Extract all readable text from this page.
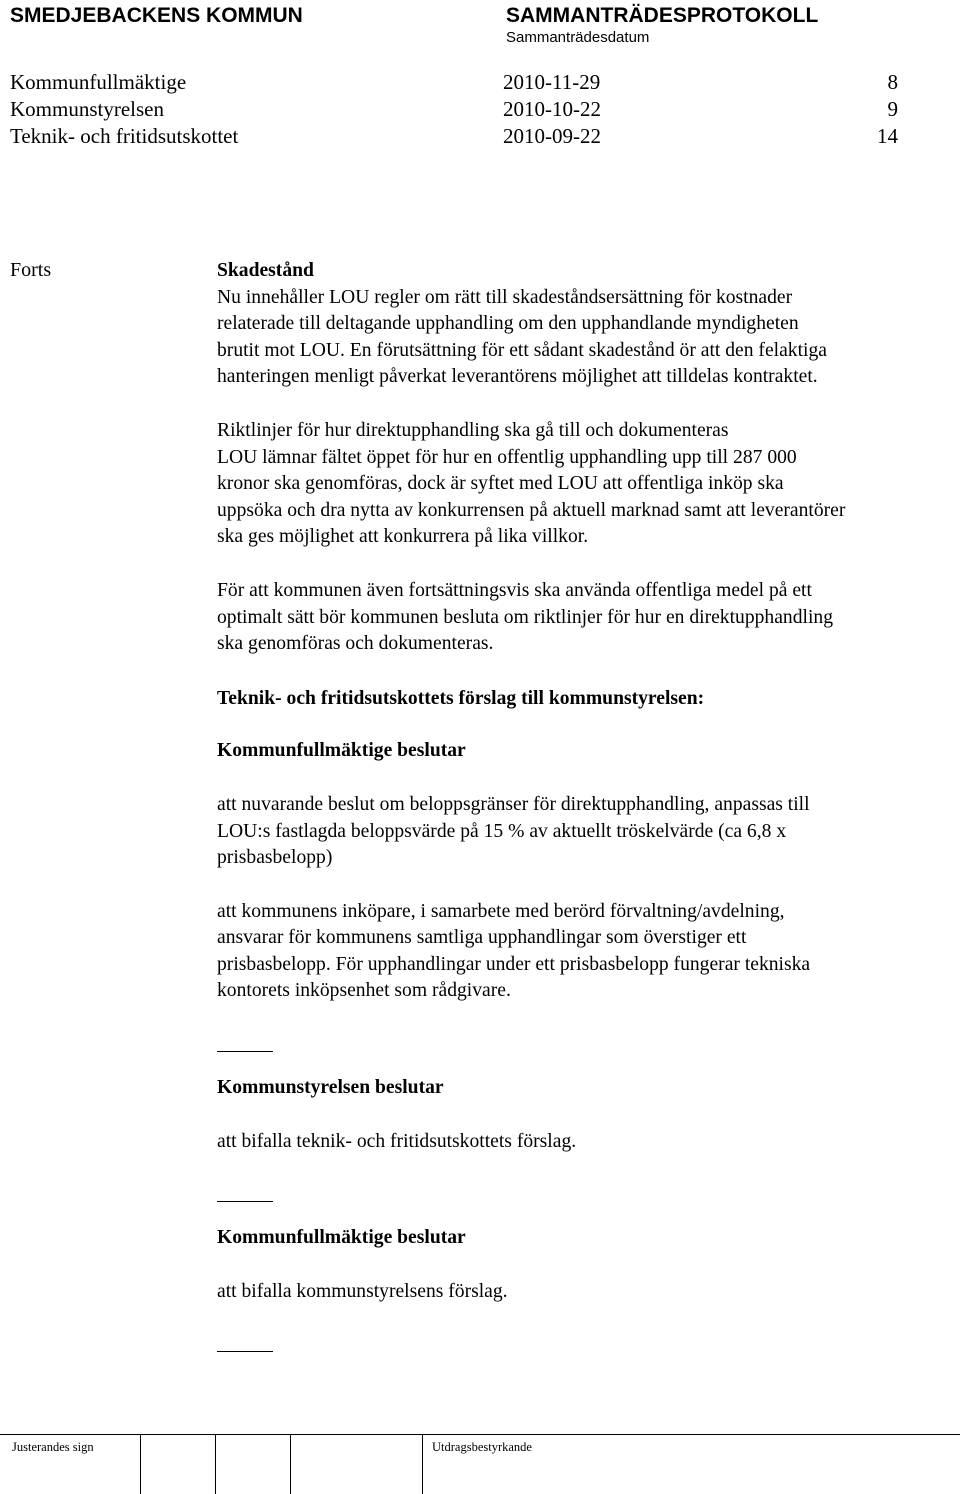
SMEDJEBACKENS KOMMUN	SAMMANTRÄDESPROTOKOLL
Sammanträdesdatum
Kommunfullmäktige	2010-11-29	8
Kommunstyrelsen	2010-10-22	9
Teknik- och fritidsutskottet	2010-09-22	14
Forts	Skadestånd

Nu innehåller LOU regler om rätt till skadeståndsersättning för kostnader

relaterade till deltagande upphandling om den upphandlande myndigheten

brutit mot LOU. En förutsättning för ett sådant skadestånd ör att den felaktiga

hanteringen menligt påverkat leverantörens möjlighet att tilldelas kontraktet.

Riktlinjer för hur direktupphandling ska gå till och dokumenteras

LOU lämnar fältet öppet för hur en offentlig upphandling upp till 287 000

kronor ska genomföras, dock är syftet med LOU att offentliga inköp ska

uppsöka och dra nytta av konkurrensen på aktuell marknad samt att leverantörer

ska ges möjlighet att konkurrera på lika villkor.

För att kommunen även fortsättningsvis ska använda offentliga medel på ett

optimalt sätt bör kommunen besluta om riktlinjer för hur en direktupphandling

ska genomföras och dokumenteras.

Teknik- och fritidsutskottets förslag till kommunstyrelsen:

Kommunfullmäktige beslutar

att nuvarande beslut om beloppsgränser för direktupphandling, anpassas till

LOU:s fastlagda beloppsvärde på 15 % av aktuellt tröskelvärde (ca 6,8 x

prisbasbelopp)

att kommunens inköpare, i samarbete med berörd förvaltning/avdelning,

ansvarar för kommunens samtliga upphandlingar som överstiger ett

prisbasbelopp. För upphandlingar under ett prisbasbelopp fungerar tekniska

kontorets inköpsenhet som rådgivare.

Kommunstyrelsen beslutar

att bifalla teknik- och fritidsutskottets förslag.

Kommunfullmäktige beslutar

att bifalla kommunstyrelsens förslag.

Justerandes sign	Utdragsbestyrkande
